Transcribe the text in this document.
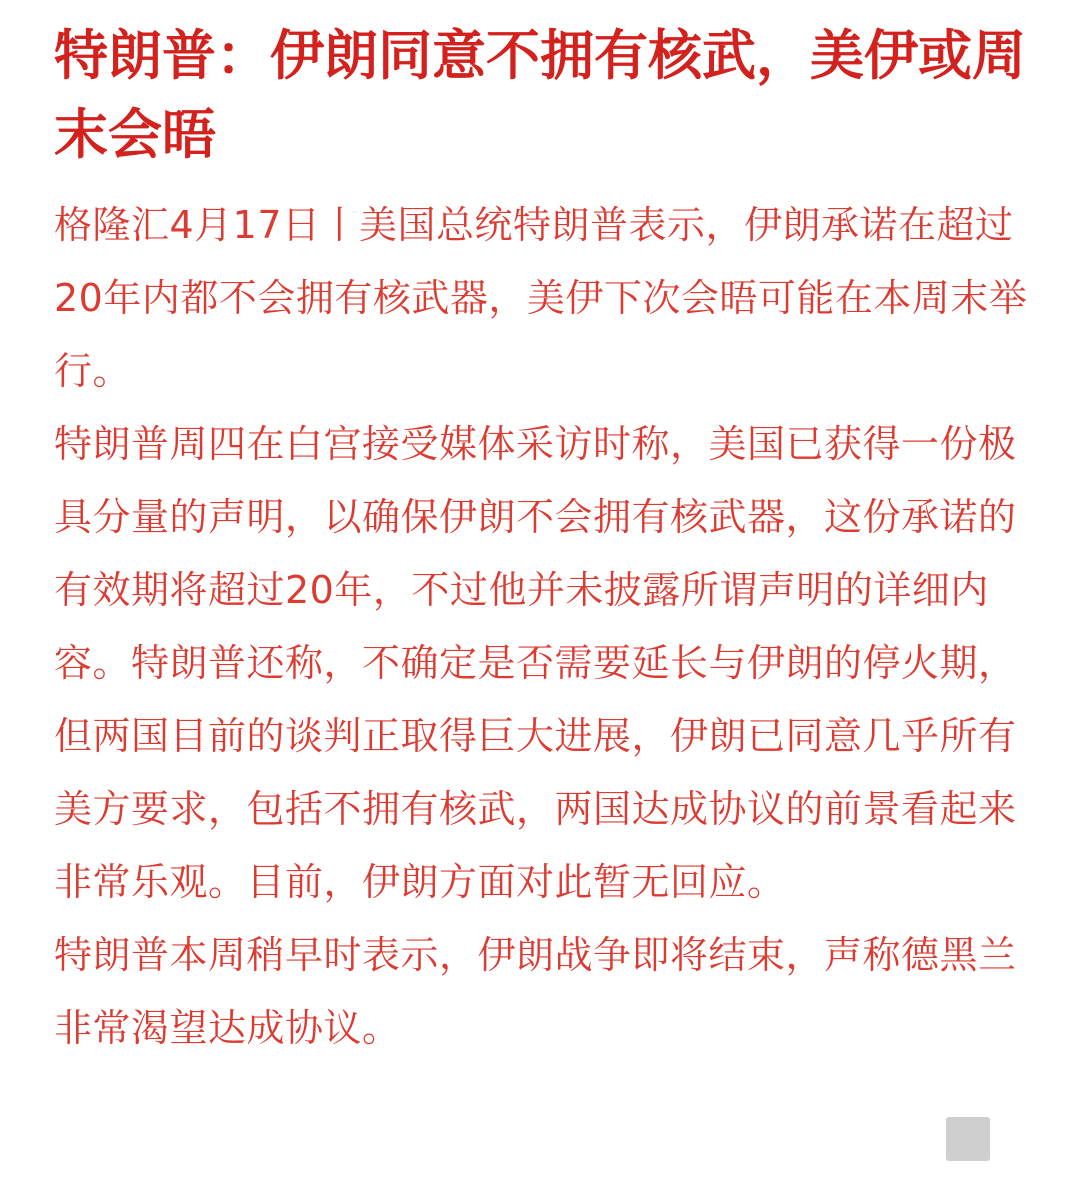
特朗普：伊朗同意不拥有核武，美伊或周末会晤

格隆汇4月17日丨美国总统特朗普表示，伊朗承诺在超过20年内都不会拥有核武器，美伊下次会晤可能在本周末举行。

特朗普周四在白宫接受媒体采访时称，美国已获得一份极具分量的声明，以确保伊朗不会拥有核武器，这份承诺的有效期将超过20年，不过他并未披露所谓声明的详细内容。特朗普还称，不确定是否需要延长与伊朗的停火期，但两国目前的谈判正取得巨大进展，伊朗已同意几乎所有美方要求，包括不拥有核武，两国达成协议的前景看起来非常乐观。目前，伊朗方面对此暂无回应。

特朗普本周稍早时表示，伊朗战争即将结束，声称德黑兰非常渴望达成协议。
